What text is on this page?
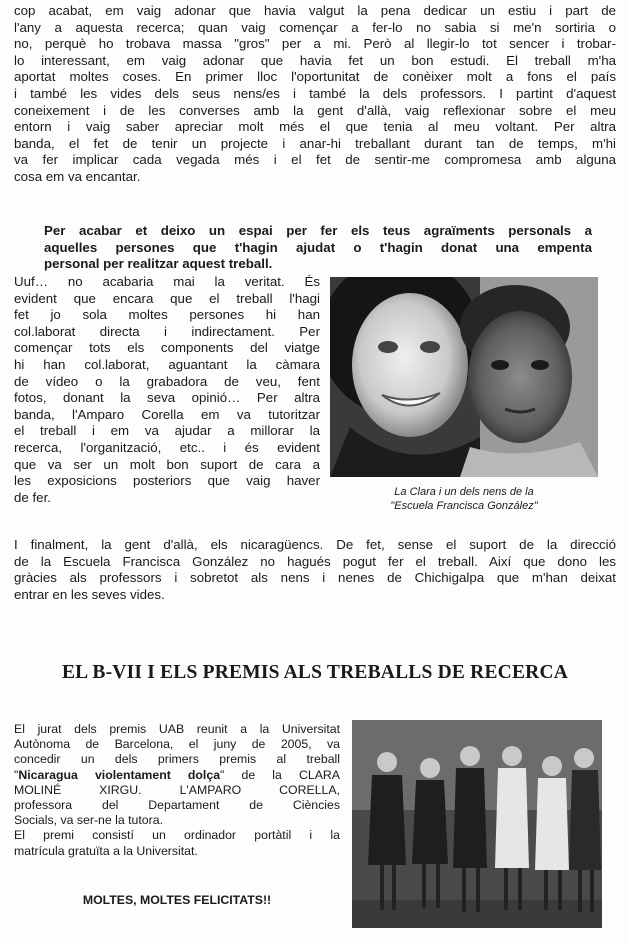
cop acabat, em vaig adonar que havia valgut la pena dedicar un estiu i part de
l'any a aquesta recerca; quan vaig començar a fer-lo no sabia si me'n sortiria o
no, perquè ho trobava massa "gros" per a mi. Però al llegir-lo tot sencer i trobar-
lo interessant, em vaig adonar que havia fet un bon estudi. El treball m'ha
aportat moltes coses. En primer lloc l'oportunitat de conèixer molt a fons el país
i també les vides dels seus nens/es i també la dels professors. I partint d'aquest
coneixement i de les converses amb la gent d'allà, vaig reflexionar sobre el meu
entorn i vaig saber apreciar molt més el que tenia al meu voltant. Per altra
banda, el fet de tenir un projecte i anar-hi treballant durant tan de temps, m'hi
va fer implicar cada vegada més i el fet de sentir-me compromesa amb alguna
cosa em va encantar.
Per acabar et deixo un espai per fer els teus agraïments personals a
aquelles persones que t'hagin ajudat o t'hagin donat una empenta
personal per realitzar aquest treball.
Uuf… no acabaria mai la veritat. És
evident que encara que el treball l'hagi
fet jo sola moltes persones hi han
col.laborat directa i indirectament. Per
començar tots els components del viatge
hi han col.laborat, aguantant la càmara
de vídeo o la grabadora de veu, fent
fotos, donant la seva opinió… Per altra
banda, l'Amparo Corella em va tutoritzar
el treball i em va ajudar a millorar la
recerca, l'organització, etc.. i és evident
que va ser un molt bon suport de cara a
les exposicions posteriors que vaig haver
de fer.	La Clara i un dels nens de la
"Escuela Francisca González"
I finalment, la gent d'allà, els nicaragüencs. De fet, sense el suport de la direcció
de la Escuela Francisca González no hagués pogut fer el treball. Així que dono les
gràcies als professors i sobretot als nens i nenes de Chichigalpa que m'han deixat
entrar en les seves vides.
EL B-VII I ELS PREMIS ALS TREBALLS DE RECERCA
El jurat dels premis UAB reunit a la Universitat
Autònoma de Barcelona, el juny de 2005, va
concedir un dels primers premis al treball
"Nicaragua violentament dolça" de la CLARA
MOLINÉ XIRGU. L'AMPARO CORELLA,
professora del Departament de Ciències
Socials, va ser-ne la tutora.
El premi consistí un ordinador portàtil i la
matrícula gratuïta a la Universitat.
MOLTES, MOLTES FELICITATS!!
